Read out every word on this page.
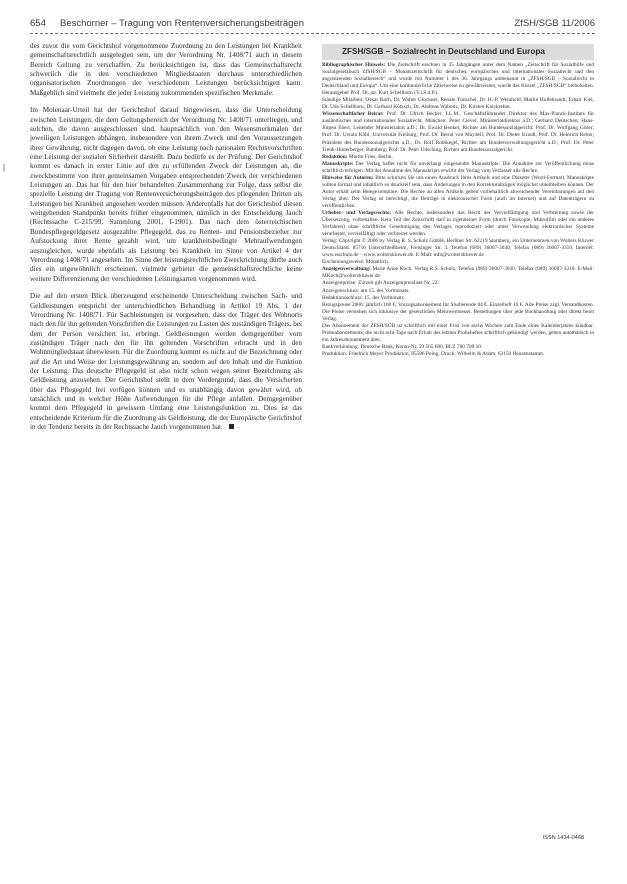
654 Beschorner – Tragung von Rentenversicherungsbeiträgen	ZfSH/SGB 11/2006
|

des zuvor die vom Gerichtshof vorgenommene Zuordnung zu den Leistungen bei Krankheit gemeinschaftsrechtlich ausgelegten sein, um der Verordnung Nr. 1408/71 auch in diesem Bereich Geltung zu verschaffen. Zu berücksichtigen ist, dass das Gemeinschaftsrecht schwerlich die in den verschiedenen Mitgliedstaaten durchaus unterschiedlichen organisatorischen Zuordnungen der verschiedenen Leistungen berücksichtigen kann. Maßgeblich sind vielmehr die jeder Leistung zukommenden spezifischen Merkmale.

Im Molenaar-Urteil hat der Gerichtshof darauf hingewiesen, dass die Unterscheidung zwischen Leistungen, die dem Geltungsbereich der Verordnung Nr. 1408/71 unterliegen, und solchen, die davon ausgeschlossen sind, hauptsächlich von den Wesensmerkmalen der jeweiligen Leistungen abhängen, insbesondere von ihrem Zweck und den Voraussetzungen ihrer Gewährung, nicht dagegen davon, ob eine Leistung nach nationalen Rechtsvorschriften eine Leistung der sozialen Sicherheit darstellt. Dazu bedürfe es der Prüfung. Der Gerichtshof kommt es danach in erster Linie auf den zu erfüllenden Zweck der Leistungen an, die zweckbestimmt von ihrer gemeinsamen Vorgaben entsprechenden Zweck der verschiedenen Leistungen an. Das hat für den hier behandelten Zusammenhang zur Folge, dass selbst die spezielle Leistung der Tragung von Rentenversicherungsbeiträgen des pflegenden Dritten als Leistungen bei Krankheit angesehen werden müssen. Anderenfalls hat der Gerichtshof diesen weitgehenden Standpunkt bereits früher eingenommen, nämlich in der Entscheidung Jauch (Rechtssache C-215/99, Sammlung 2001, I-1901). Das nach dem österreichischen Bundespflegegeldgesetz ausgezahlte Pflegegeld, das zu Renten- und Pensionsbezieher zur Aufstockung ihrer Rente gezahlt wird, um krankheitsbedingte Mehraufwendungen auszugleichen, wurde ebenfalls als Leistung bei Krankheit im Sinne von Artikel 4 der Verordnung 1408/71 angesehen. Im Sinne der leistungsrechtlichen Zweckrichtung dürfte auch dies ein ungewöhnlich erscheinen, vielmehr gebietet die gemeinschaftsrechtliche keine weitere Differenzierung der verschiedenen Leistungsarten vorgenommen wird.

Die auf den ersten Blick überzeugend erscheinende Unterscheidung zwischen Sach- und Geldleistungen entspricht der unterschiedlichen Behandlung in Artikel 19 Abs. 1 der Verordnung Nr. 1408/71. Für Sachleistungen ist vorgesehen, dass der Träger des Wohnorts nach den für ihn geltenden Vorschriften die Leistungen zu Lasten des zuständigen Trägers, bei dem der Person versichert ist, erbringt. Geldleistungen werden demgegenüber vom zuständigen Träger nach den für ihn geltenden Vorschriften erbracht und in den Wohnmitgliedstaat überwiesen. Für die Zuordnung kommt es nicht auf die Bezeichnung oder auf die Art und Weise der Leistungsgewährung an, sondern auf den Inhalt und die Funktion der Leistung. Das deutsche Pflegegeld ist also nicht schon wegen seiner Bezeichnung als Geldleistung anzusehen. Der Gerichtshof stellt in dem Vordergrund, dass die Versicherten über das Pflegegeld frei verfügen können und es unabhängig davon gewährt wird, ob tatsächlich und in welcher Höhe Aufwendungen für die Pflege anfallen. Demgegenüber kommt dem Pflegegeld in gewissem Umfang eine Leistungsfunktion zu. Dies ist das entscheidende Kriterium für die Zuordnung als Geldleistung, die der Europäische Gerichtshof in der Tendenz bereits in der Rechtssache Jauch vorgenommen hat.

ZFSH/SGB – Sozialrecht in Deutschland und Europa

Bibliographischer Hinweis: Die Zeitschrift erschien in 35 Jahrgängen unter dem Namen „Zeitschrift für Sozialhilfe und Sozialgesetzbuch ZfSH/SGB – Monatszeitschrift für deutsches, europäisches und internationales Sozialrecht und den angrenzenden Sozialbereich“ und wurde mit Nummer 1 des 36. Jahrgangs umbenannt in „ZFSH/SGB – Sozialrecht in Deutschland und Europa“. Um eine kontinuierliche Zitierweise zu gewährleisten, wurde das Kürzel „ZFSH/SGB“ beibehalten. Herausgeber Prof. Dr. jur. Kurt Schellhorn (V.i.S.d.P.).

Ständige Mitarbeit: Oskar Bach, Dr. Walter Glockner, Renate Tünschel, Dr. H.-P. Weinhold, Martin Hullebrandt, Erhart Kiel, Dr. Udo Schellhorn, Dr. Gerhard Kötzsch, Dr. Andreas Wabnitz, Dr. Kirsten Knickrehm.

Wissenschaftlicher Beirat: Prof. Dr. Ulrich Becker, LL.M., Geschäftsführender Direktor des Max-Planck-Instituts für ausländisches und internationales Sozialrecht, München; Peter Clever, Ministerialdirektor a.D.; Gerhard Deutschen; Hans-Jürgen Ebert, Leitender Ministerialrat a.D.; Dr. Ewald Benkel, Richter am Bundessozialgericht; Prof. Dr. Wolfgang Gitter; Prof. Dr. Ursula Köbl, Universität Freiburg; Prof. Dr. Bernd von Maydell; Prof. Dr. Dieter Krauß; Prof. Dr. Heinrich Reiter, Präsident des Bundessozialgerichts a.D.; Dr. Rolf Rothkegel, Richter am Bundesverwaltungsgericht a.D.; Prof. Dr. Peter Trenk-Hinterberger, Bamberg; Prof. Dr. Peter Udsching, Richter am Bundessozialgericht.

Redaktion: Martin Fries, Berlin.

Manuskripte: Der Verlag haftet nicht für unverlangt eingesandte Manuskripte. Die Annahme zur Veröffentlichung muss schriftlich erfolgen. Mit der Annahme des Manuskripts erwirbt der Verlag vom Verfasser alle Rechte.

Hinweise für Autoren: Bitte schicken Sie uns einen Ausdruck Ihres Artikels und eine Diskette (Word-Format). Manuskripte sollten formal und inhaltlich so druckreif sein, dass Änderungen in den Korrekturabzügen möglichst unterbleiben können. Der Autor erhält zehn Belegexemplare. Die Rechte an allen Artikeln gehen vorbehaltlich abweichender Vereinbarungen auf den Verlag über. Der Verlag ist berechtigt, die Beiträge in elektronischer Form (auch im Internet) und auf Datenträgern zu veröffentlichen.

Urheber- und Verlagsrechte: Alle Rechte, insbesondere das Recht der Vervielfältigung und Verbreitung sowie der Übersetzung, vorbehalten. Kein Teil der Zeitschrift darf in irgendeiner Form (durch Fotokopie, Mikrofilm oder ein anderes Verfahren) ohne schriftliche Genehmigung des Verlages reproduziert oder unter Verwendung elektronischer Systeme verarbeitet, vervielfältigt oder verbreitet werden.

Verlag: Copyright © 2006 by Verlag R. S. Schulz GmbH, Berliner Str. 62219 Starnberg, ein Unternehmen von Wolters Kluwer Deutschland. 85716 Unterschleißheim, Freisinger Str. 3. Telefon (089) 36007-3030, Telefax (089) 36007-3310. Internet: www.rsschulz.de – www.wolterskluwer.de. E-Mail: info@wolterskluwer.de

Erscheinungsweise: Monatlich.

Anzeigenverwaltung: Marie Anne Koch, Verlag R.S. Schulz, Telefon (089) 36007-3030, Telefax (089) 36007-3310. E-Mail: MKoch@wolterskluwer.de

Anzeigenpreise: Zurzeit gilt Anzeigenpreisliste Nr. 22.

Anzeigenschluss: am 15. des Vormonats.

Redaktionsschluss: 15. des Vormonats.

Bezugspreise 2006: jährlich 168 €, Vorzugsabonnement für Studierende 84 €. Einzelheft 16 €. Alle Preise zzgl. Versandkosten. Die Preise verstehen sich inklusive der gesetzlichen Mehrwertsteuer. Bestellungen über jede Buchhandlung oder direkt beim Verlag.

Das Abonnement der ZFSH/SGB ist schriftlich mit einer Frist von sechs Wochen zum Ende eines Kalenderjahres kündbar. Probeabonnements, die nicht acht Tage nach Erhalt des letzten Probeheftes schriftlich gekündigt werden, gehen automatisch in ein Jahresabonnement über.

Bankverbindung: Deutsche Bank, Konto-Nr. 59 565 600, BLZ 700 700 10.

Produktion: Friedrich Meyer Produktion, 85586 Poing. Druck: Wilhelm & Adam, 63150 Heusenstamm.

ISSN 1434-0468
